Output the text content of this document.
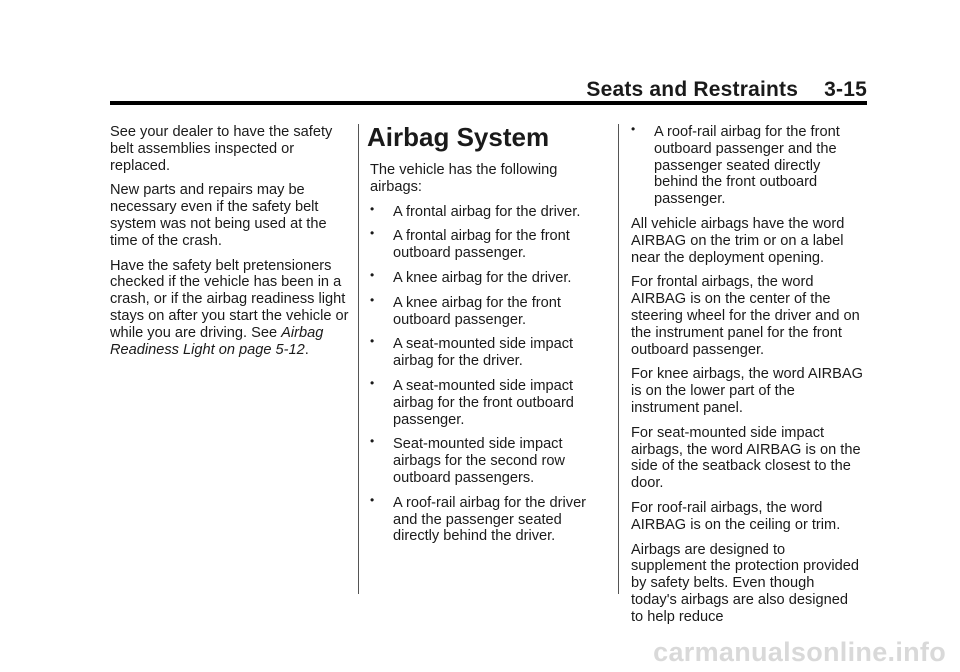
Seats and Restraints 3-15

See your dealer to have the safety belt assemblies inspected or replaced.

New parts and repairs may be necessary even if the safety belt system was not being used at the time of the crash.

Have the safety belt pretensioners checked if the vehicle has been in a crash, or if the airbag readiness light stays on after you start the vehicle or while you are driving. See Airbag Readiness Light on page 5-12.

Airbag System

The vehicle has the following airbags:

• A frontal airbag for the driver.
• A frontal airbag for the front outboard passenger.
• A knee airbag for the driver.
• A knee airbag for the front outboard passenger.
• A seat-mounted side impact airbag for the driver.
• A seat-mounted side impact airbag for the front outboard passenger.
• Seat-mounted side impact airbags for the second row outboard passengers.
• A roof-rail airbag for the driver and the passenger seated directly behind the driver.
• A roof-rail airbag for the front outboard passenger and the passenger seated directly behind the front outboard passenger.

All vehicle airbags have the word AIRBAG on the trim or on a label near the deployment opening.

For frontal airbags, the word AIRBAG is on the center of the steering wheel for the driver and on the instrument panel for the front outboard passenger.

For knee airbags, the word AIRBAG is on the lower part of the instrument panel.

For seat-mounted side impact airbags, the word AIRBAG is on the side of the seatback closest to the door.

For roof-rail airbags, the word AIRBAG is on the ceiling or trim.

Airbags are designed to supplement the protection provided by safety belts. Even though today's airbags are also designed to help reduce

carmanualsonline.info
